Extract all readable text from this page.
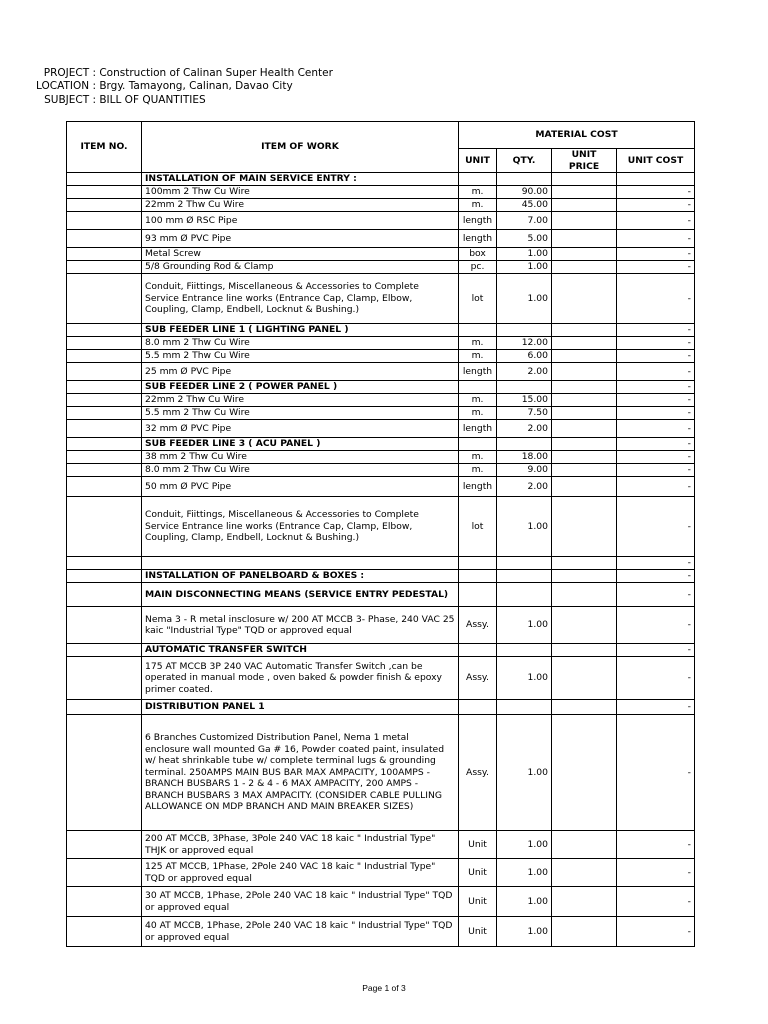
PROJECT : Construction of Calinan Super Health Center
LOCATION : Brgy. Tamayong, Calinan, Davao City
SUBJECT : BILL OF QUANTITIES
ITEM NO.	ITEM OF WORK	MATERIAL COST			
		UNIT	QTY.	UNIT PRICE	UNIT COST
	INSTALLATION OF MAIN SERVICE ENTRY :				
	100mm 2 Thw Cu Wire	m.	90.00		-
	22mm 2 Thw Cu Wire	m.	45.00		-
	100 mm Ø RSC Pipe	length	7.00		-
	93 mm Ø PVC Pipe	length	5.00		-
	Metal Screw	box	1.00		-
	5/8 Grounding Rod & Clamp	pc.	1.00		-
	Conduit, Fiittings, Miscellaneous & Accessories to Complete Service Entrance line works (Entrance Cap, Clamp, Elbow, Coupling, Clamp, Endbell, Locknut & Bushing.)	lot	1.00		-
	SUB FEEDER LINE 1 ( LIGHTING PANEL )				-
	8.0 mm 2 Thw Cu Wire	m.	12.00		-
	5.5 mm 2 Thw Cu Wire	m.	6.00		-
	25 mm Ø PVC Pipe	length	2.00		-
	SUB FEEDER LINE 2 ( POWER PANEL )				-
	22mm 2 Thw Cu Wire	m.	15.00		-
	5.5 mm 2 Thw Cu Wire	m.	7.50		-
	32 mm Ø PVC Pipe	length	2.00		-
	SUB FEEDER LINE 3 ( ACU PANEL )				-
	38 mm 2 Thw Cu Wire	m.	18.00		-
	8.0 mm 2 Thw Cu Wire	m.	9.00		-
	50 mm Ø PVC Pipe	length	2.00		-
	Conduit, Fiittings, Miscellaneous & Accessories to Complete Service Entrance line works (Entrance Cap, Clamp, Elbow, Coupling, Clamp, Endbell, Locknut & Bushing.)	lot	1.00		-
					-
	INSTALLATION OF PANELBOARD & BOXES :				-
	MAIN DISCONNECTING MEANS (SERVICE ENTRY PEDESTAL)				-
	Nema 3 - R metal insclosure w/ 200 AT MCCB 3- Phase, 240 VAC 25 kaic "Industrial Type" TQD or approved equal	Assy.	1.00		-
	AUTOMATIC TRANSFER SWITCH				-
	175 AT MCCB 3P 240 VAC Automatic Transfer Switch ,can be operated in manual mode , oven baked & powder finish & epoxy primer coated.	Assy.	1.00		-
	DISTRIBUTION PANEL 1				-
	6 Branches Customized Distribution Panel, Nema 1 metal enclosure wall mounted Ga # 16, Powder coated paint, insulated w/ heat shrinkable tube w/ complete terminal lugs & grounding terminal. 250AMPS MAIN BUS BAR MAX AMPACITY, 100AMPS - BRANCH BUSBARS 1 - 2 & 4 - 6 MAX AMPACITY, 200 AMPS - BRANCH BUSBARS 3 MAX AMPACITY. (CONSIDER CABLE PULLING ALLOWANCE ON MDP BRANCH AND MAIN BREAKER SIZES)	Assy.	1.00		-
	200 AT MCCB, 3Phase, 3Pole 240 VAC 18 kaic " Industrial Type" THJK or approved equal	Unit	1.00		-
	125 AT MCCB, 1Phase, 2Pole 240 VAC 18 kaic " Industrial Type" TQD or approved equal	Unit	1.00		-
	30 AT MCCB, 1Phase, 2Pole 240 VAC 18 kaic " Industrial Type" TQD or approved equal	Unit	1.00		-
	40 AT MCCB, 1Phase, 2Pole 240 VAC 18 kaic " Industrial Type" TQD or approved equal	Unit	1.00		-
Page 1 of 3
